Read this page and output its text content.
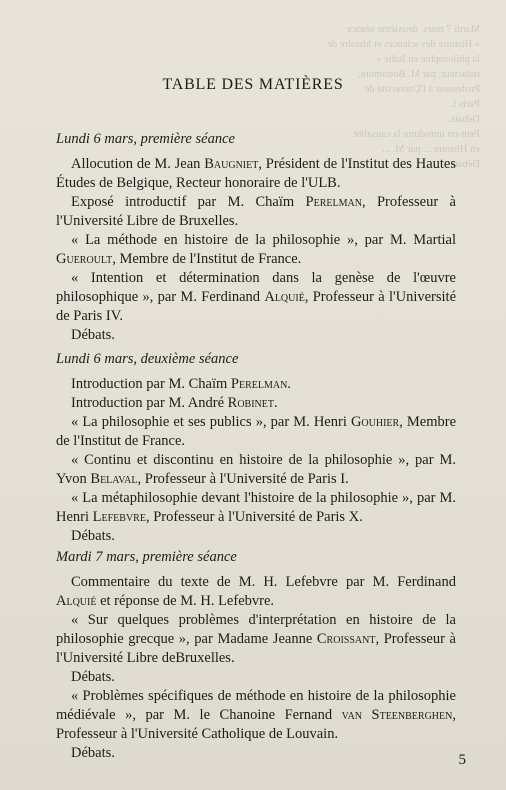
Mardi 7 mars, deuxième séance
« Histoire des sciences et histoire de la philosophie en Italie »
rédacteur, par M. Bottomore, Professeur à l'Université de
Paris I.
Débats.
Peut-on introduire la causalité
en Histoire ... par M. ...
Débats.
TABLE DES MATIÈRES
Lundi 6 mars, première séance
Allocution de M. Jean Baugniet, Président de l'Institut des Hautes Études de Belgique, Recteur honoraire de l'ULB.
Exposé introductif par M. Chaïm Perelman, Professeur à l'Université Libre de Bruxelles.
« La méthode en histoire de la philosophie », par M. Martial Gueroult, Membre de l'Institut de France.
« Intention et détermination dans la genèse de l'œuvre philosophique », par M. Ferdinand Alquié, Professeur à l'Université de Paris IV.
Débats.
Lundi 6 mars, deuxième séance
Introduction par M. Chaïm Perelman.
Introduction par M. André Robinet.
« La philosophie et ses publics », par M. Henri Gouhier, Membre de l'Institut de France.
« Continu et discontinu en histoire de la philosophie », par M. Yvon Belaval, Professeur à l'Université de Paris I.
« La métaphilosophie devant l'histoire de la philosophie », par M. Henri Lefebvre, Professeur à l'Université de Paris X.
Débats.
Mardi 7 mars, première séance
Commentaire du texte de M. H. Lefebvre par M. Ferdinand Alquié et réponse de M. H. Lefebvre.
« Sur quelques problèmes d'interprétation en histoire de la philosophie grecque », par Madame Jeanne Croissant, Professeur à l'Université Libre deBruxelles.
Débats.
« Problèmes spécifiques de méthode en histoire de la philosophie médiévale », par M. le Chanoine Fernand van Steenberghen, Professeur à l'Université Catholique de Louvain.
Débats.	5
